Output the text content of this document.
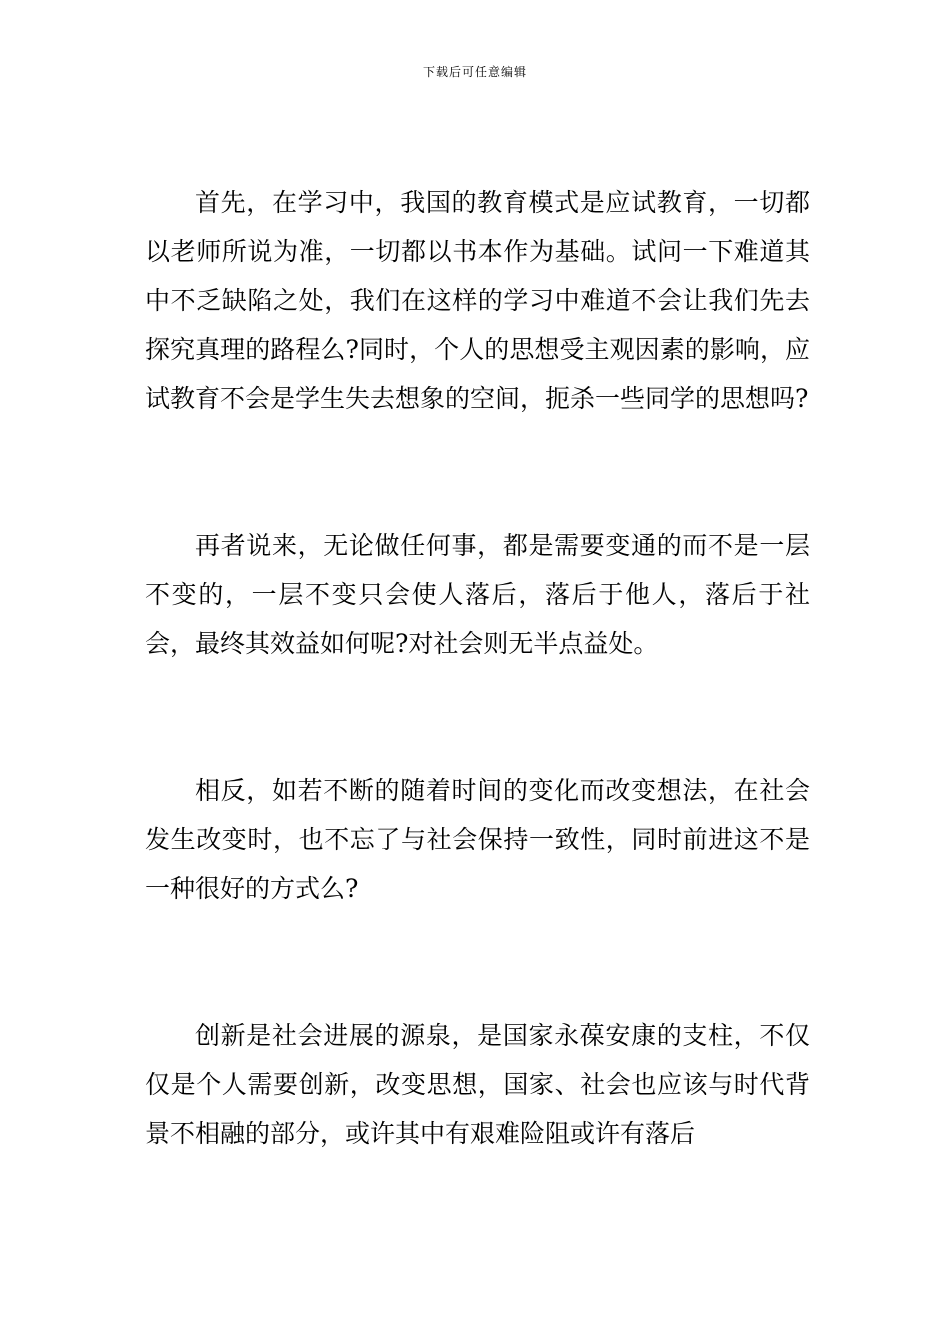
下载后可任意编辑

首先，在学习中，我国的教育模式是应试教育，一切都以老师所说为准，一切都以书本作为基础。试问一下难道其中不乏缺陷之处，我们在这样的学习中难道不会让我们先去探究真理的路程么?同时，个人的思想受主观因素的影响，应试教育不会是学生失去想象的空间，扼杀一些同学的思想吗?

再者说来，无论做任何事，都是需要变通的而不是一层不变的，一层不变只会使人落后，落后于他人，落后于社会，最终其效益如何呢?对社会则无半点益处。

相反，如若不断的随着时间的变化而改变想法，在社会发生改变时，也不忘了与社会保持一致性，同时前进这不是一种很好的方式么?

创新是社会进展的源泉，是国家永葆安康的支柱，不仅仅是个人需要创新，改变思想，国家、社会也应该与时代背景不相融的部分，或许其中有艰难险阻或许有落后
